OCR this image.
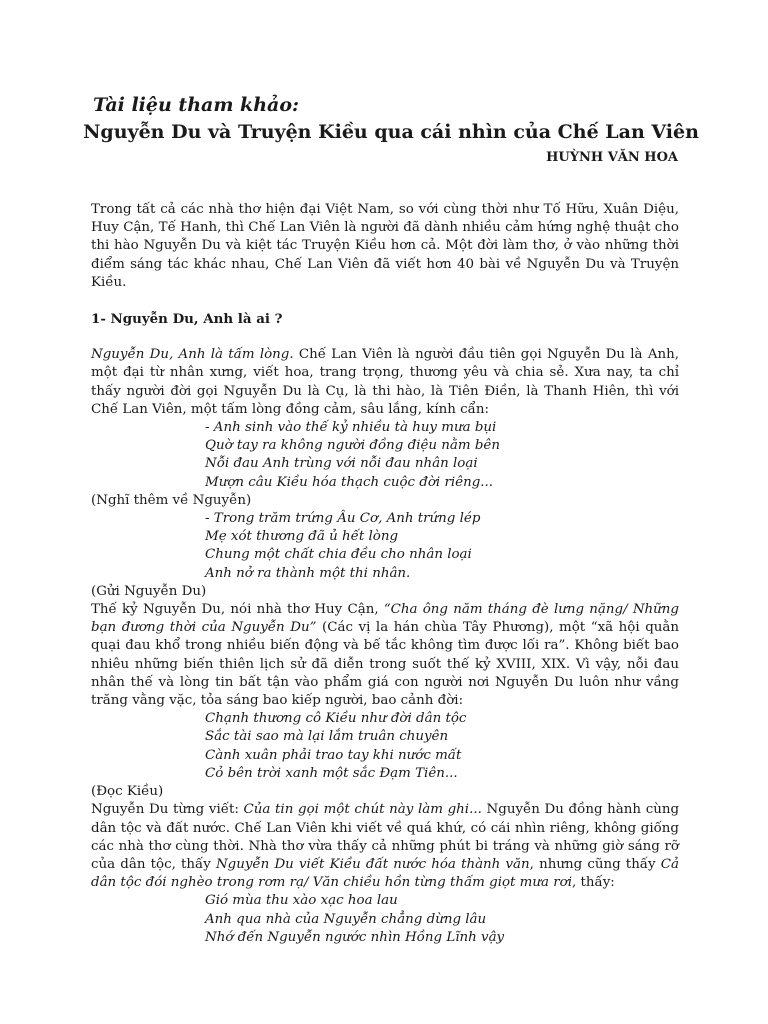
Tài liệu tham khảo:

Nguyễn Du và Truyện Kiều qua cái nhìn của Chế Lan Viên

HUỲNH VĂN HOA

Trong tất cả các nhà thơ hiện đại Việt Nam, so với cùng thời như Tố Hữu, Xuân Diệu, Huy Cận, Tế Hanh, thì Chế Lan Viên là người đã dành nhiều cảm hứng nghệ thuật cho thi hào Nguyễn Du và kiệt tác Truyện Kiều hơn cả. Một đời làm thơ, ở vào những thời điểm sáng tác khác nhau, Chế Lan Viên đã viết hơn 40 bài về Nguyễn Du và Truyện Kiều.

1- Nguyễn Du, Anh là ai ?

Nguyễn Du, Anh là tấm lòng. Chế Lan Viên là người đầu tiên gọi Nguyễn Du là Anh, một đại từ nhân xưng, viết hoa, trang trọng, thương yêu và chia sẻ. Xưa nay, ta chỉ thấy người đời gọi Nguyễn Du là Cụ, là thi hào, là Tiên Điền, là Thanh Hiên, thì với Chế Lan Viên, một tấm lòng đồng cảm, sâu lắng, kính cẩn:

- Anh sinh vào thế kỷ nhiều tà huy mưa bụi
Quờ tay ra không người đồng điệu nằm bên
Nỗi đau Anh trùng với nỗi đau nhân loại
Mượn câu Kiều hóa thạch cuộc đời riêng...

(Nghĩ thêm về Nguyễn)

- Trong trăm trứng Âu Cơ, Anh trứng lép
Mẹ xót thương đã ủ hết lòng
Chung một chất chia đều cho nhân loại
Anh nở ra thành một thi nhân.

(Gửi Nguyễn Du)

Thế kỷ Nguyễn Du, nói nhà thơ Huy Cận, “Cha ông năm tháng đè lưng nặng/ Những bạn đương thời của Nguyễn Du” (Các vị la hán chùa Tây Phương), một “xã hội quằn quại đau khổ trong nhiều biến động và bế tắc không tìm được lối ra”. Không biết bao nhiêu những biến thiên lịch sử đã diễn trong suốt thế kỷ XVIII, XIX. Vì vậy, nỗi đau nhân thế và lòng tin bất tận vào phẩm giá con người nơi Nguyễn Du luôn như vầng trăng vằng vặc, tỏa sáng bao kiếp người, bao cảnh đời:

Chạnh thương cô Kiều như đời dân tộc
Sắc tài sao mà lại lắm truân chuyên
Cành xuân phải trao tay khi nước mất
Cỏ bên trời xanh một sắc Đạm Tiên...

(Đọc Kiều)

Nguyễn Du từng viết: Của tin gọi một chút này làm ghi... Nguyễn Du đồng hành cùng dân tộc và đất nước. Chế Lan Viên khi viết về quá khứ, có cái nhìn riêng, không giống các nhà thơ cùng thời. Nhà thơ vừa thấy cả những phút bi tráng và những giờ sáng rỡ của dân tộc, thấy Nguyễn Du viết Kiều đất nước hóa thành văn, nhưng cũng thấy Cả dân tộc đói nghèo trong rơm rạ/ Văn chiều hồn từng thấm giọt mưa rơi, thấy:

Gió mùa thu xào xạc hoa lau
Anh qua nhà của Nguyễn chẳng dừng lâu
Nhớ đến Nguyễn ngước nhìn Hồng Lĩnh vậy
